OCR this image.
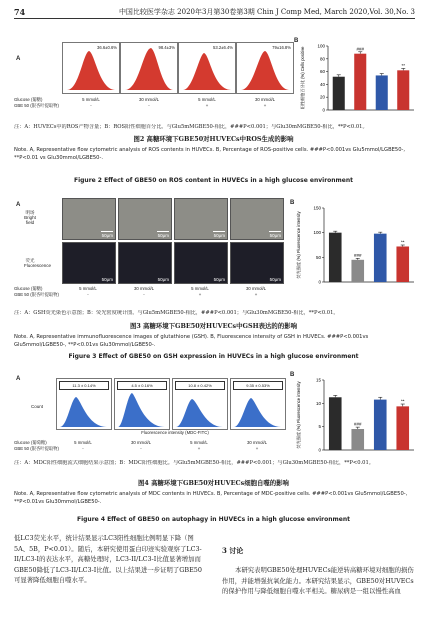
74	中国比较医学杂志 2020年3月第30卷第3期 Chin J Comp Med, March 2020,Vol. 30,No. 3
A
36.6±0.6%	98.4±3%	53.2±6.4%	79±16.8%
Glucose (葡糖)
GBE 50 (银杏叶提取物)
5 mmol/L	30 mmol/L	5 mmol/L	30 mmol/L
-	-	+	+
B
阳性细胞百分比 (%) Cells positive
0
20
40
60
80
100
###
**
注：A：HUVECs中的ROS产物含量；B：ROS阳性细胞百分比。与Glu5mMGBE50-相比，###P<0.001；与Glu30mMGBE50-相比，**P<0.01。
图2 高糖环境下GBE50对HUVECs中ROS生成的影响
Note. A, Representative flow cytometric analysis of ROS contents in HUVECs. B, Percentage of ROS-positive cells. ###P<0.001vs Glu5mmol/LGBE50-, **P<0.01 vs Glu30mmol/LGBE50-.
Figure 2 Effect of GBE50 on ROS content in HUVECs in a high glucose environment
A
明场 Bright field
荧光 Fluorescence
50μm	50μm	50μm	50μm
50μm	50μm	50μm	50μm
Glucose (葡糖)
GBE 50 (银杏叶提取物)
5 mmol/L	30 mmol/L	5 mmol/L	30 mmol/L
-	-	+	+
B
荧光强度 (%) Fluorescence intensity
0
50
100
150
###
**
注：A：GSH荧光染色示意图；B：荧光密度统计图。与Glu5mMGBE50-相比，###P<0.001；与Glu30mMGBE50-相比，**P<0.01。
图3 高糖环境下GBE50对HUVECs中GSH表达的的影响
Note. A, Representative immunofluorescence images of glutathione (GSH). B, Fluorescence intensity of GSH in HUVECs. ###P<0.001vs Glu5mmol/LGBE50-, **P<0.01vs Glu30mmol/LGBE50-.
Figure 3 Effect of GBE50 on GSH expression in HUVECs in a high glucose environment
A
Count
11.3 ± 0.14%	4.5 ± 0.16%	10.8 ± 0.42%	9.35 ± 0.53%
Fluorescence intensity (MDC-FITC)
Glucose (葡萄糖)
GBE 50 (银杏叶提取物)
5 mmol/L	30 mmol/L	5 mmol/L	30 mmol/L
-	-	+	+
B
荧光强度 (%) Fluorescence intensity
0
5
10
15
###
**
注：A：MDC阳性细胞流式细胞结果示意图；B：MDC阳性细胞比。与Glu5mMGBE50-相比，###P<0.001；与Glu30mMGBE50-相比，**P<0.01。
图4 高糖环境下GBE50对HUVECs细胞自噬的影响
Note. A, Representative flow cytometric analysis of MDC contents in HUVECs. B, Percentage of MDC-positive cells. ###P<0.001vs Glu5mmol/LGBE50-, **P<0.01vs Glu30mmol/LGBE50-.
Figure 4 Effect of GBE50 on autophagy in HUVECs in a high glucose environment
低LC3荧光水平，统计结果显示LC3阳性细胞比例明显下降（图5A、5B，P<0.01）。随后，本研究使用蛋白印迹实验观察了LC3-II/LC3-I的表达水平，高糖处理时，LC3-II/LC3-I比值显著增加而GBE50降低了LC3-II/LC3-I比值。以上结果进一步证明了GBE50可显著降低细胞自噬水平。
3 讨论
本研究表明GBE50处理HUVECs能逆转高糖环境对细胞的损伤作用，并能增强抗氧化能力。本研究结果显示，GBE50对HUVECs的保护作用与降低细胞自噬水平相关。糖尿病是一组以慢性高血
